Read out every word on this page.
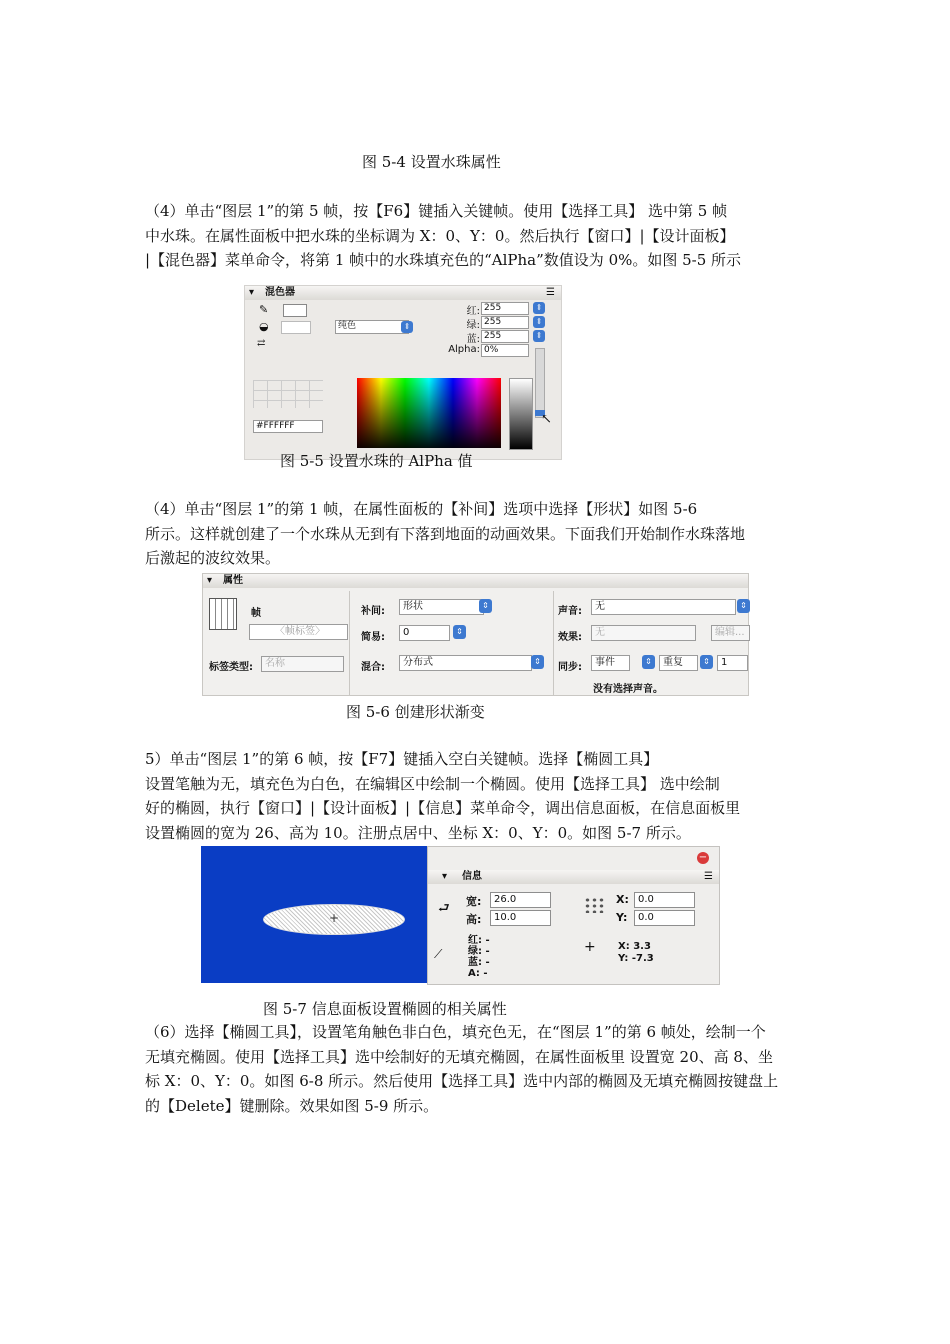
图 5-4 设置水珠属性
（4）单击“图层 1”的第 5 帧，按【F6】键插入关键帧。使用【选择工具】 选中第 5 帧
中水珠。在属性面板中把水珠的坐标调为 X：0、Y：0。然后执行【窗口】|【设计面板】
|【混色器】菜单命令，将第 1 帧中的水珠填充色的“AlPha”数值设为 0%。如图 5-5 所示
▾ 混色器	☰
✎
◒
⇄
纯色	⇕
红: 255	⇕
绿: 255	⇕
蓝: 255	⇕
Alpha: 0%
#FFFFFF	↖
图 5-5 设置水珠的 AlPha 值
（4）单击“图层 1”的第 1 帧，在属性面板的【补间】选项中选择【形状】如图 5-6
所示。这样就创建了一个水珠从无到有下落到地面的动画效果。下面我们开始制作水珠落地
后激起的波纹效果。
▾ 属性
帧
〈帧标签〉
标签类型:	名称
补间:	形状	⇕
简易:	0	⇕
混合:	分布式	⇕
声音:	无	⇕
效果:	无	编辑...
同步:	事件	⇕	重复	⇕	1
没有选择声音。
图 5-6 创建形状渐变
5）单击“图层 1”的第 6 帧，按【F7】键插入空白关键帧。选择【椭圆工具】
设置笔触为无，填充色为白色，在编辑区中绘制一个椭圆。使用【选择工具】 选中绘制
好的椭圆，执行【窗口】|【设计面板】|【信息】菜单命令，调出信息面板，在信息面板里
设置椭圆的宽为 26、高为 10。注册点居中、坐标 X：0、Y：0。如图 5-7 所示。
+
−
▾ 信息	☰
⮐ 宽:	26.0
高:	10.0
X: 0.0
Y:	0.0
⟋
红: -
绿: -
蓝: -
A: -
+ X: 3.3
Y: -7.3
图 5-7 信息面板设置椭圆的相关属性
（6）选择【椭圆工具】，设置笔角触色非白色，填充色无，在“图层 1”的第 6 帧处，绘制一个
无填充椭圆。使用【选择工具】选中绘制好的无填充椭圆，在属性面板里 设置宽 20、高 8、坐
标 X：0、Y：0。如图 6-8 所示。然后使用【选择工具】选中内部的椭圆及无填充椭圆按键盘上
的【Delete】键删除。效果如图 5-9 所示。
